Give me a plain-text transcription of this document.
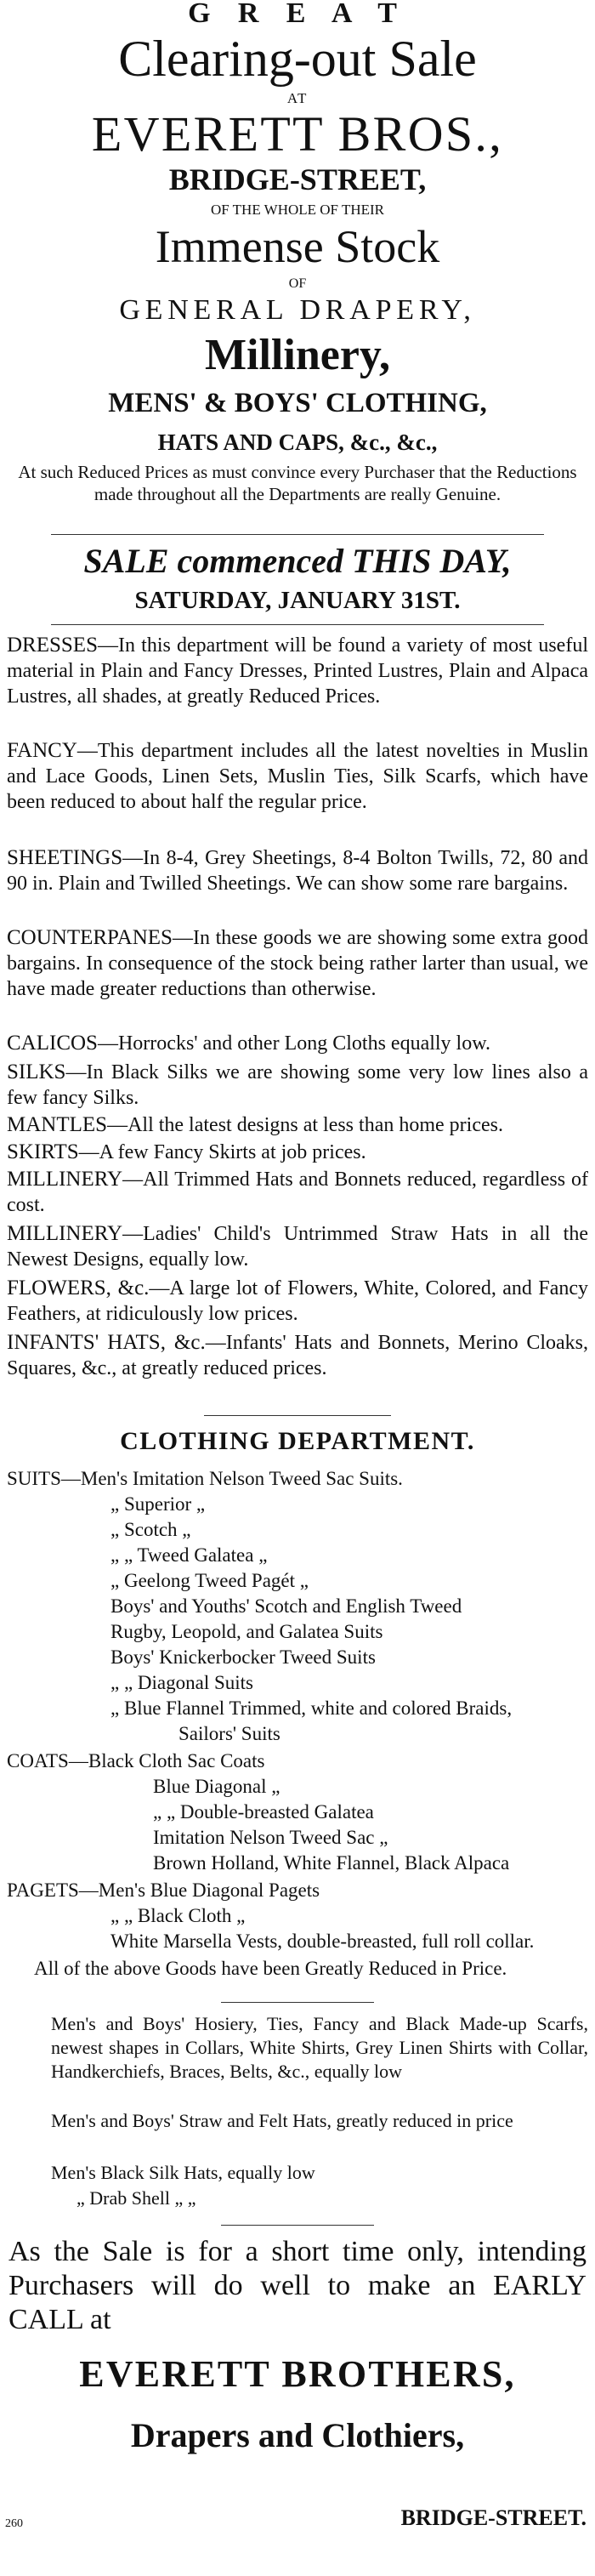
G R E A T
Clearing-out Sale
AT
EVERETT BROS.,
BRIDGE-STREET,
OF THE WHOLE OF THEIR
Immense Stock
OF
GENERAL DRAPERY,
Millinery,
MENS' & BOYS' CLOTHING,
HATS AND CAPS, &c., &c.,
At such Reduced Prices as must convince every Purchaser that the Reductions made throughout all the Departments are really Genuine.
SALE commenced THIS DAY,
SATURDAY, JANUARY 31ST.
DRESSES—In this department will be found a variety of most useful material in Plain and Fancy Dresses, Printed Lustres, Plain and Alpaca Lustres, all shades, at greatly Reduced Prices.
FANCY—This department includes all the latest novelties in Muslin and Lace Goods, Linen Sets, Muslin Ties, Silk Scarfs, which have been reduced to about half the regular price.
SHEETINGS—In 8-4, Grey Sheetings, 8-4 Bolton Twills, 72, 80 and 90 in. Plain and Twilled Sheetings. We can show some rare bargains.
COUNTERPANES—In these goods we are showing some extra good bargains. In consequence of the stock being rather larter than usual, we have made greater reductions than otherwise.
CALICOS—Horrocks' and other Long Cloths equally low.
SILKS—In Black Silks we are showing some very low lines also a few fancy Silks.
MANTLES—All the latest designs at less than home prices.
SKIRTS—A few Fancy Skirts at job prices.
MILLINERY—All Trimmed Hats and Bonnets reduced, regardless of cost.
MILLINERY—Ladies' Child's Untrimmed Straw Hats in all the Newest Designs, equally low.
FLOWERS, &c.—A large lot of Flowers, White, Colored, and Fancy Feathers, at ridiculously low prices.
INFANTS' HATS, &c.—Infants' Hats and Bonnets, Merino Cloaks, Squares, &c., at greatly reduced prices.
CLOTHING DEPARTMENT.
SUITS—Men's Imitation Nelson Tweed Sac Suits.
„ Superior „
„ Scotch „
„ „ Tweed Galatea „
„ Geelong Tweed Pagét „
Boys' and Youths' Scotch and English Tweed
Rugby, Leopold, and Galatea Suits
Boys' Knickerbocker Tweed Suits
„ „ Diagonal Suits
„ Blue Flannel Trimmed, white and colored Braids,
Sailors' Suits
COATS—Black Cloth Sac Coats
Blue Diagonal „
„ „ Double-breasted Galatea
Imitation Nelson Tweed Sac „
Brown Holland, White Flannel, Black Alpaca
PAGETS—Men's Blue Diagonal Pagets
„ „ Black Cloth „
White Marsella Vests, double-breasted, full roll collar.
All of the above Goods have been Greatly Reduced in Price.
Men's and Boys' Hosiery, Ties, Fancy and Black Made-up Scarfs, newest shapes in Collars, White Shirts, Grey Linen Shirts with Collar, Handkerchiefs, Braces, Belts, &c., equally low
Men's and Boys' Straw and Felt Hats, greatly reduced in price
Men's Black Silk Hats, equally low
„ Drab Shell „ „
As the Sale is for a short time only, intending Purchasers will do well to make an EARLY CALL at
EVERETT BROTHERS,
Drapers and Clothiers,
BRIDGE-STREET.
260
